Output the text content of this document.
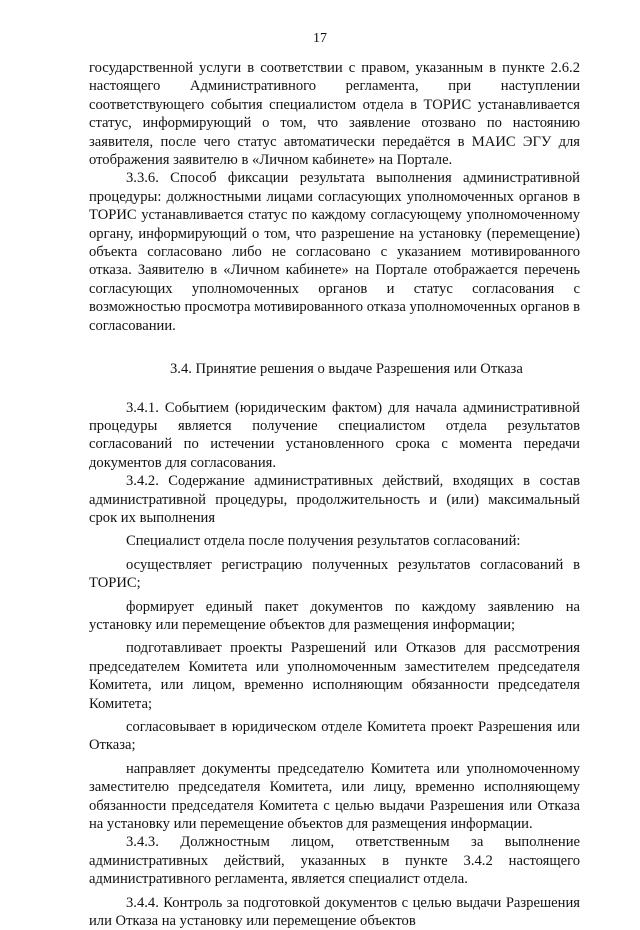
17

государственной услуги в соответствии с правом, указанным в пункте 2.6.2 настоящего Административного регламента, при наступлении соответствующего события специалистом отдела в ТОРИС устанавливается статус, информирующий о том, что заявление отозвано по настоянию заявителя, после чего статус автоматически передаётся в МАИС ЭГУ для отображения заявителю в «Личном кабинете» на Портале.

3.3.6. Способ фиксации результата выполнения административной процедуры: должностными лицами согласующих уполномоченных органов в ТОРИС устанавливается статус по каждому согласующему уполномоченному органу, информирующий о том, что разрешение на установку (перемещение) объекта согласовано либо не согласовано с указанием мотивированного отказа. Заявителю в «Личном кабинете» на Портале отображается перечень согласующих уполномоченных органов и статус согласования с возможностью просмотра мотивированного отказа уполномоченных органов в согласовании.

3.4. Принятие решения о выдаче Разрешения или Отказа

3.4.1. Событием (юридическим фактом) для начала административной процедуры является получение специалистом отдела результатов согласований по истечении установленного срока с момента передачи документов для согласования.

3.4.2. Содержание административных действий, входящих в состав административной процедуры, продолжительность и (или) максимальный срок их выполнения

Специалист отдела после получения результатов согласований:

осуществляет регистрацию полученных результатов согласований в ТОРИС;

формирует единый пакет документов по каждому заявлению на установку или перемещение объектов для размещения информации;

подготавливает проекты Разрешений или Отказов для рассмотрения председателем Комитета или уполномоченным заместителем председателя Комитета, или лицом, временно исполняющим обязанности председателя Комитета;

согласовывает в юридическом отделе Комитета проект Разрешения или Отказа;

направляет документы председателю Комитета или уполномоченному заместителю председателя Комитета, или лицу, временно исполняющему обязанности председателя Комитета с целью выдачи Разрешения или Отказа на установку или перемещение объектов для размещения информации.

3.4.3. Должностным лицом, ответственным за выполнение административных действий, указанных в пункте 3.4.2 настоящего административного регламента, является специалист отдела.

3.4.4. Контроль за подготовкой документов с целью выдачи Разрешения или Отказа на установку или перемещение объектов
